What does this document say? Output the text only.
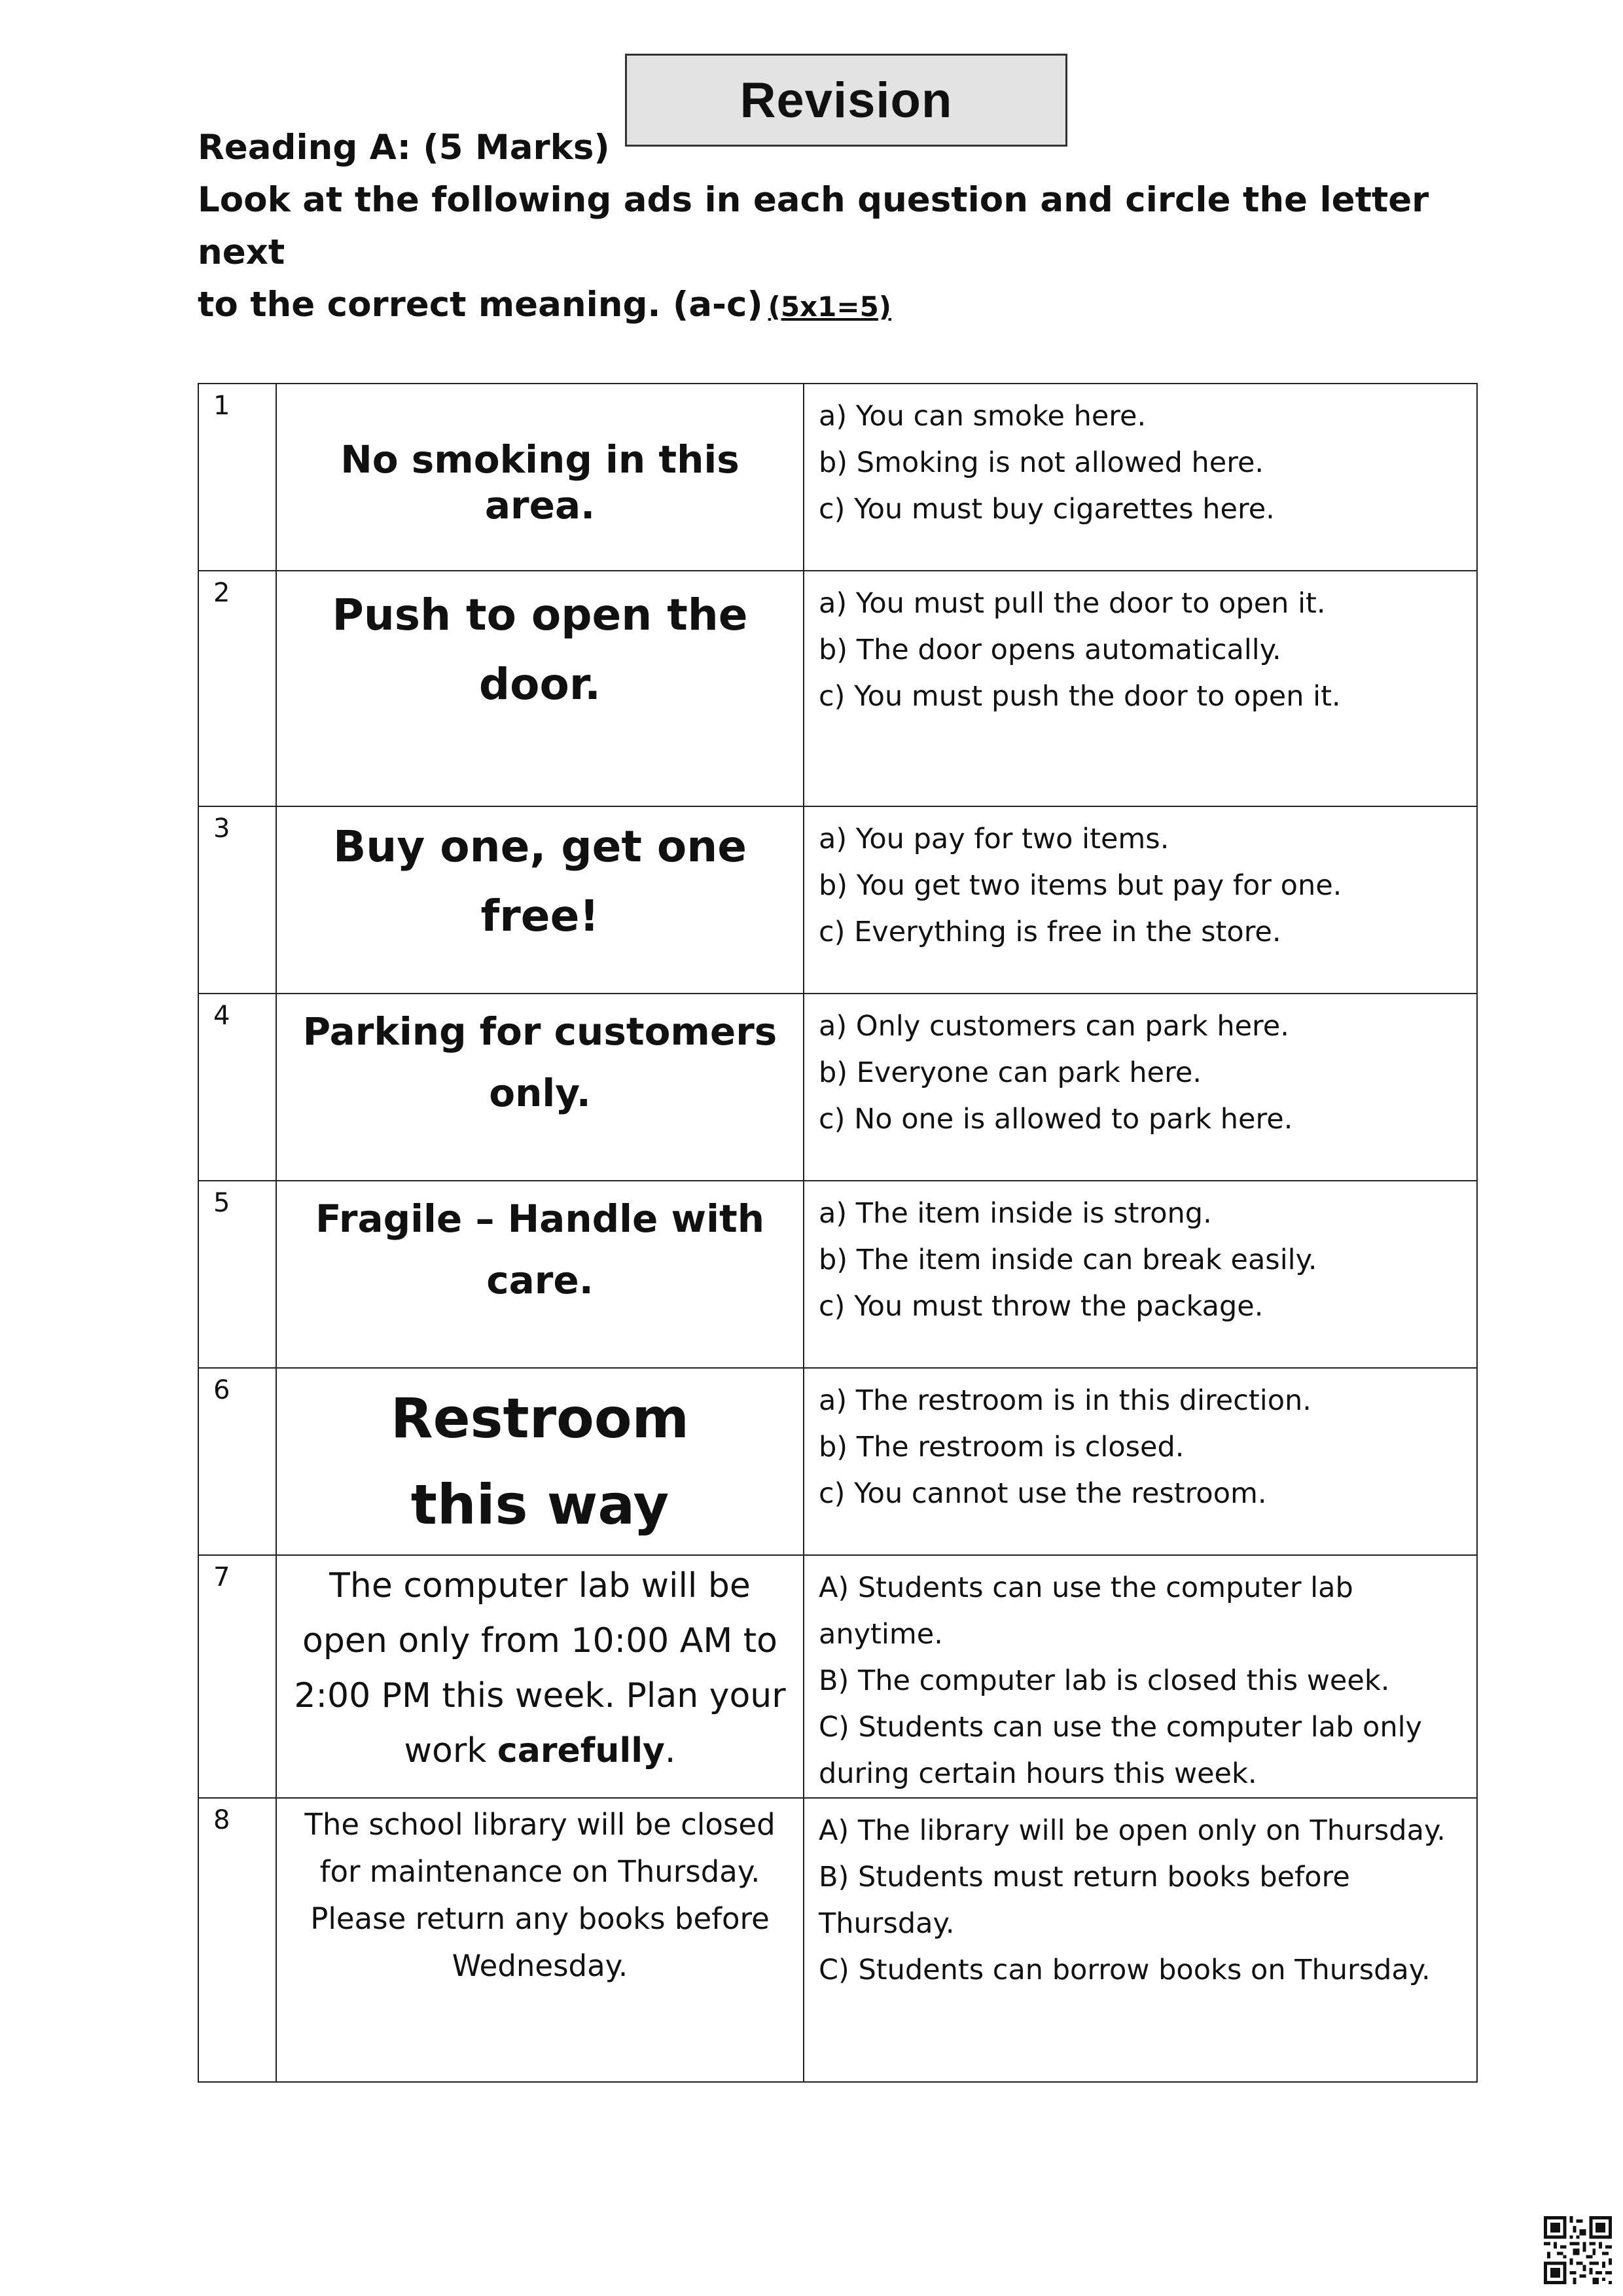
Revision
Reading A: (5 Marks)
Look at the following ads in each question and circle the letter next
to the correct meaning. (a-c) (5x1=5)
1	No smoking in this area.	a) You can smoke here.
b) Smoking is not allowed here.
c) You must buy cigarettes here.

2	Push to open the door.	a) You must pull the door to open it.
b) The door opens automatically.
c) You must push the door to open it.

3	Buy one, get one free!	a) You pay for two items.
b) You get two items but pay for one.
c) Everything is free in the store.

4	Parking for customers only.	a) Only customers can park here.
b) Everyone can park here.
c) No one is allowed to park here.

5	Fragile – Handle with care.	a) The item inside is strong.
b) The item inside can break easily.
c) You must throw the package.

6	Restroom
this way	a) The restroom is in this direction.
b) The restroom is closed.
c) You cannot use the restroom.

7	The computer lab will be open only from 10:00 AM to 2:00 PM this week. Plan your work carefully.	A) Students can use the computer lab anytime.
B) The computer lab is closed this week.
C) Students can use the computer lab only during certain hours this week.

8	The school library will be closed for maintenance on Thursday. Please return any books before Wednesday.	A) The library will be open only on Thursday.
B) Students must return books before Thursday.
C) Students can borrow books on Thursday.
